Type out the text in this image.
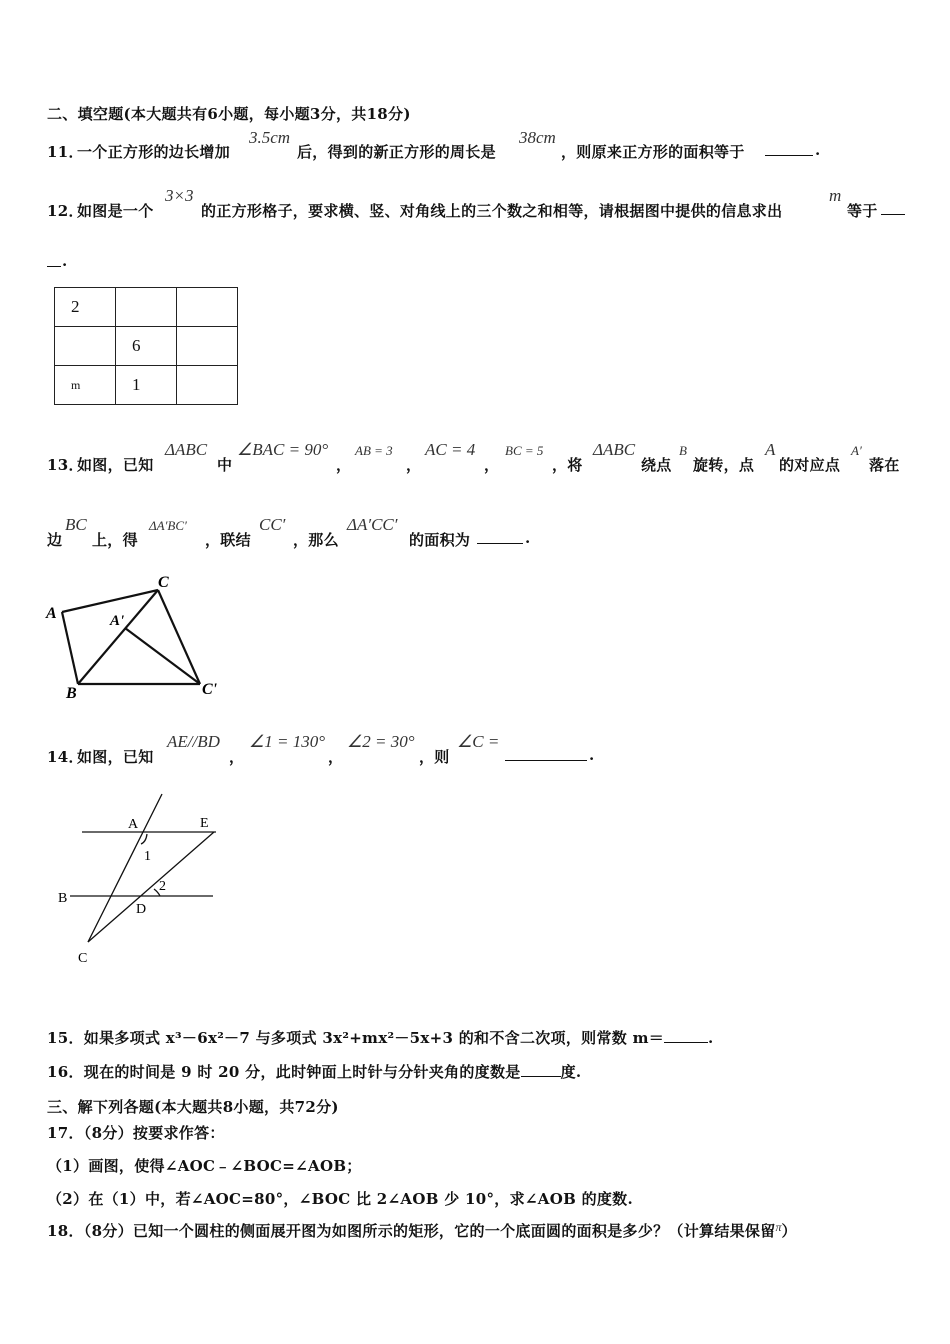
二、填空题(本大题共有6小题，每小题3分，共18分)
11．
一个正方形的边长增加
3.5cm
后，得到的新正方形的周长是
38cm
，则原来正方形的面积等于	.
12．
如图是一个
3×3
的正方形格子，要求横、竖、对角线上的三个数之和相等，请根据图中提供的信息求出
m
等于
.
2		
	6	
m	1	
13．
如图，已知
ΔABC
中
∠BAC = 90°
，
AB = 3
，
AC = 4
，
BC = 5
，将
ΔABC
绕点
B
旋转，点
A
的对应点
A′
落在
边
BC
上，得
ΔA′BC′
，联结
CC′
，那么
ΔA′CC′
的面积为	.
A
C
A'
B	C'
14．
如图，已知
AE//BD
，
∠1 = 130°
，
∠2 = 30°
，则
∠C =
.
A	E
1
2
B
D
C
15．如果多项式 x³－6x²－7 与多项式 3x²+mx²－5x+3 的和不含二次项，则常数 m＝	.
16．现在的时间是 9 时 20 分，此时钟面上时针与分针夹角的度数是	度.
三、解下列各题(本大题共8小题，共72分)
17．（8分）按要求作答：
（1）画图，使得∠AOC﹣∠BOC=∠AOB；
（2）在（1）中，若∠AOC=80°，∠BOC 比 2∠AOB 少 10°，求∠AOB 的度数.
18．（8分）已知一个圆柱的侧面展开图为如图所示的矩形，它的一个底面圆的面积是多少？（计算结果保留$^\pi$）
